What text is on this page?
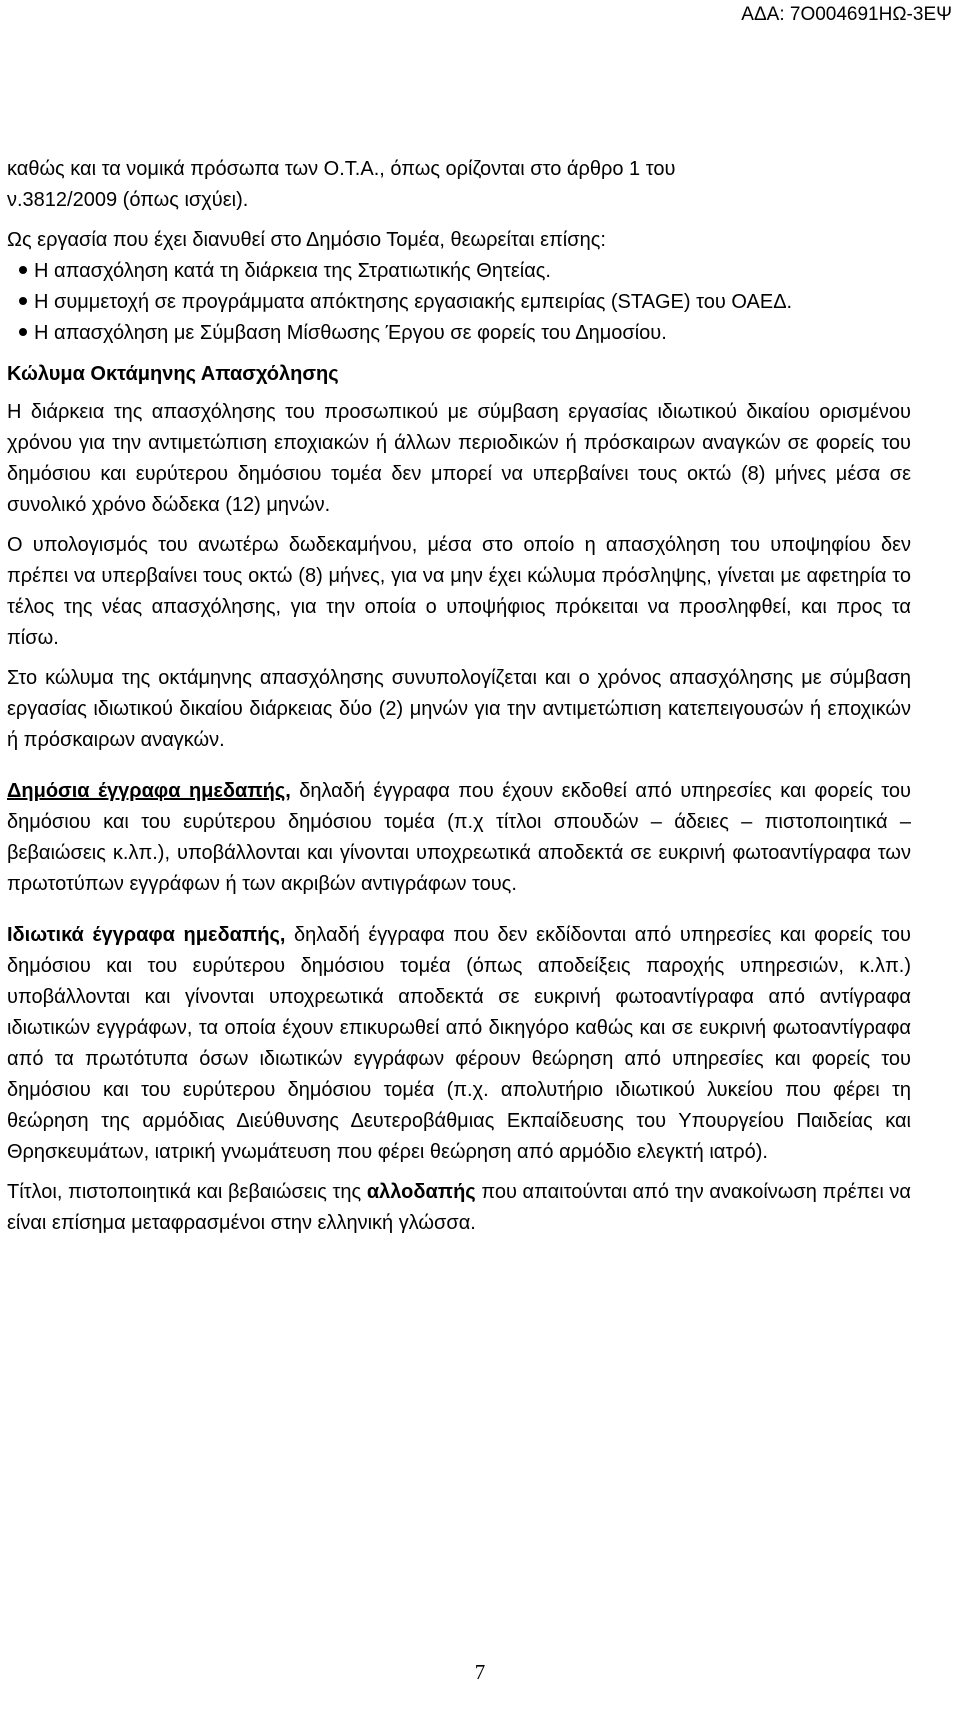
ΑΔΑ: 7Ο004691ΗΩ-3ΕΨ

καθώς και τα νομικά πρόσωπα των Ο.Τ.Α., όπως ορίζονται στο άρθρο 1 του

ν.3812/2009 (όπως ισχύει).

Ως εργασία που έχει διανυθεί στο Δημόσιο Τομέα, θεωρείται επίσης:

Η απασχόληση κατά τη διάρκεια της Στρατιωτικής Θητείας.
Η συμμετοχή σε προγράμματα απόκτησης εργασιακής εμπειρίας (STAGE) του ΟΑΕΔ.
Η απασχόληση με Σύμβαση Μίσθωσης Έργου σε φορείς του Δημοσίου.

Κώλυμα Οκτάμηνης Απασχόλησης

Η διάρκεια της απασχόλησης του προσωπικού με σύμβαση εργασίας ιδιωτικού δικαίου ορισμένου χρόνου για την αντιμετώπιση εποχιακών ή άλλων περιοδικών ή πρόσκαιρων αναγκών σε φορείς του δημόσιου και ευρύτερου δημόσιου τομέα δεν μπορεί να υπερβαίνει τους οκτώ (8) μήνες μέσα σε συνολικό χρόνο δώδεκα (12) μηνών.

Ο υπολογισμός του ανωτέρω δωδεκαμήνου, μέσα στο οποίο η απασχόληση του υποψηφίου δεν πρέπει να υπερβαίνει τους οκτώ (8) μήνες, για να μην έχει κώλυμα πρόσληψης, γίνεται με αφετηρία το τέλος της νέας απασχόλησης, για την οποία ο υποψήφιος πρόκειται να προσληφθεί, και προς τα πίσω.

Στο κώλυμα της οκτάμηνης απασχόλησης συνυπολογίζεται και ο χρόνος απασχόλησης με σύμβαση εργασίας ιδιωτικού δικαίου διάρκειας δύο (2) μηνών για την αντιμετώπιση κατεπειγουσών ή εποχικών ή πρόσκαιρων αναγκών.

Δημόσια έγγραφα ημεδαπής, δηλαδή έγγραφα που έχουν εκδοθεί από υπηρεσίες και φορείς του δημόσιου και του ευρύτερου δημόσιου τομέα (π.χ τίτλοι σπουδών – άδειες – πιστοποιητικά – βεβαιώσεις κ.λπ.), υποβάλλονται και γίνονται υποχρεωτικά αποδεκτά σε ευκρινή φωτοαντίγραφα των πρωτοτύπων εγγράφων ή των ακριβών αντιγράφων τους.

Ιδιωτικά έγγραφα ημεδαπής, δηλαδή έγγραφα που δεν εκδίδονται από υπηρεσίες και φορείς του δημόσιου και του ευρύτερου δημόσιου τομέα (όπως αποδείξεις παροχής υπηρεσιών, κ.λπ.) υποβάλλονται και γίνονται υποχρεωτικά αποδεκτά σε ευκρινή φωτοαντίγραφα από αντίγραφα ιδιωτικών εγγράφων, τα οποία έχουν επικυρωθεί από δικηγόρο καθώς και σε ευκρινή φωτοαντίγραφα από τα πρωτότυπα όσων ιδιωτικών εγγράφων φέρουν θεώρηση από υπηρεσίες και φορείς του δημόσιου και του ευρύτερου δημόσιου τομέα (π.χ. απολυτήριο ιδιωτικού λυκείου που φέρει τη θεώρηση της αρμόδιας Διεύθυνσης Δευτεροβάθμιας Εκπαίδευσης του Υπουργείου Παιδείας και Θρησκευμάτων, ιατρική γνωμάτευση που φέρει θεώρηση από αρμόδιο ελεγκτή ιατρό).

Τίτλοι, πιστοποιητικά και βεβαιώσεις της αλλοδαπής που απαιτούνται από την ανακοίνωση πρέπει να είναι επίσημα μεταφρασμένοι στην ελληνική γλώσσα.

7
